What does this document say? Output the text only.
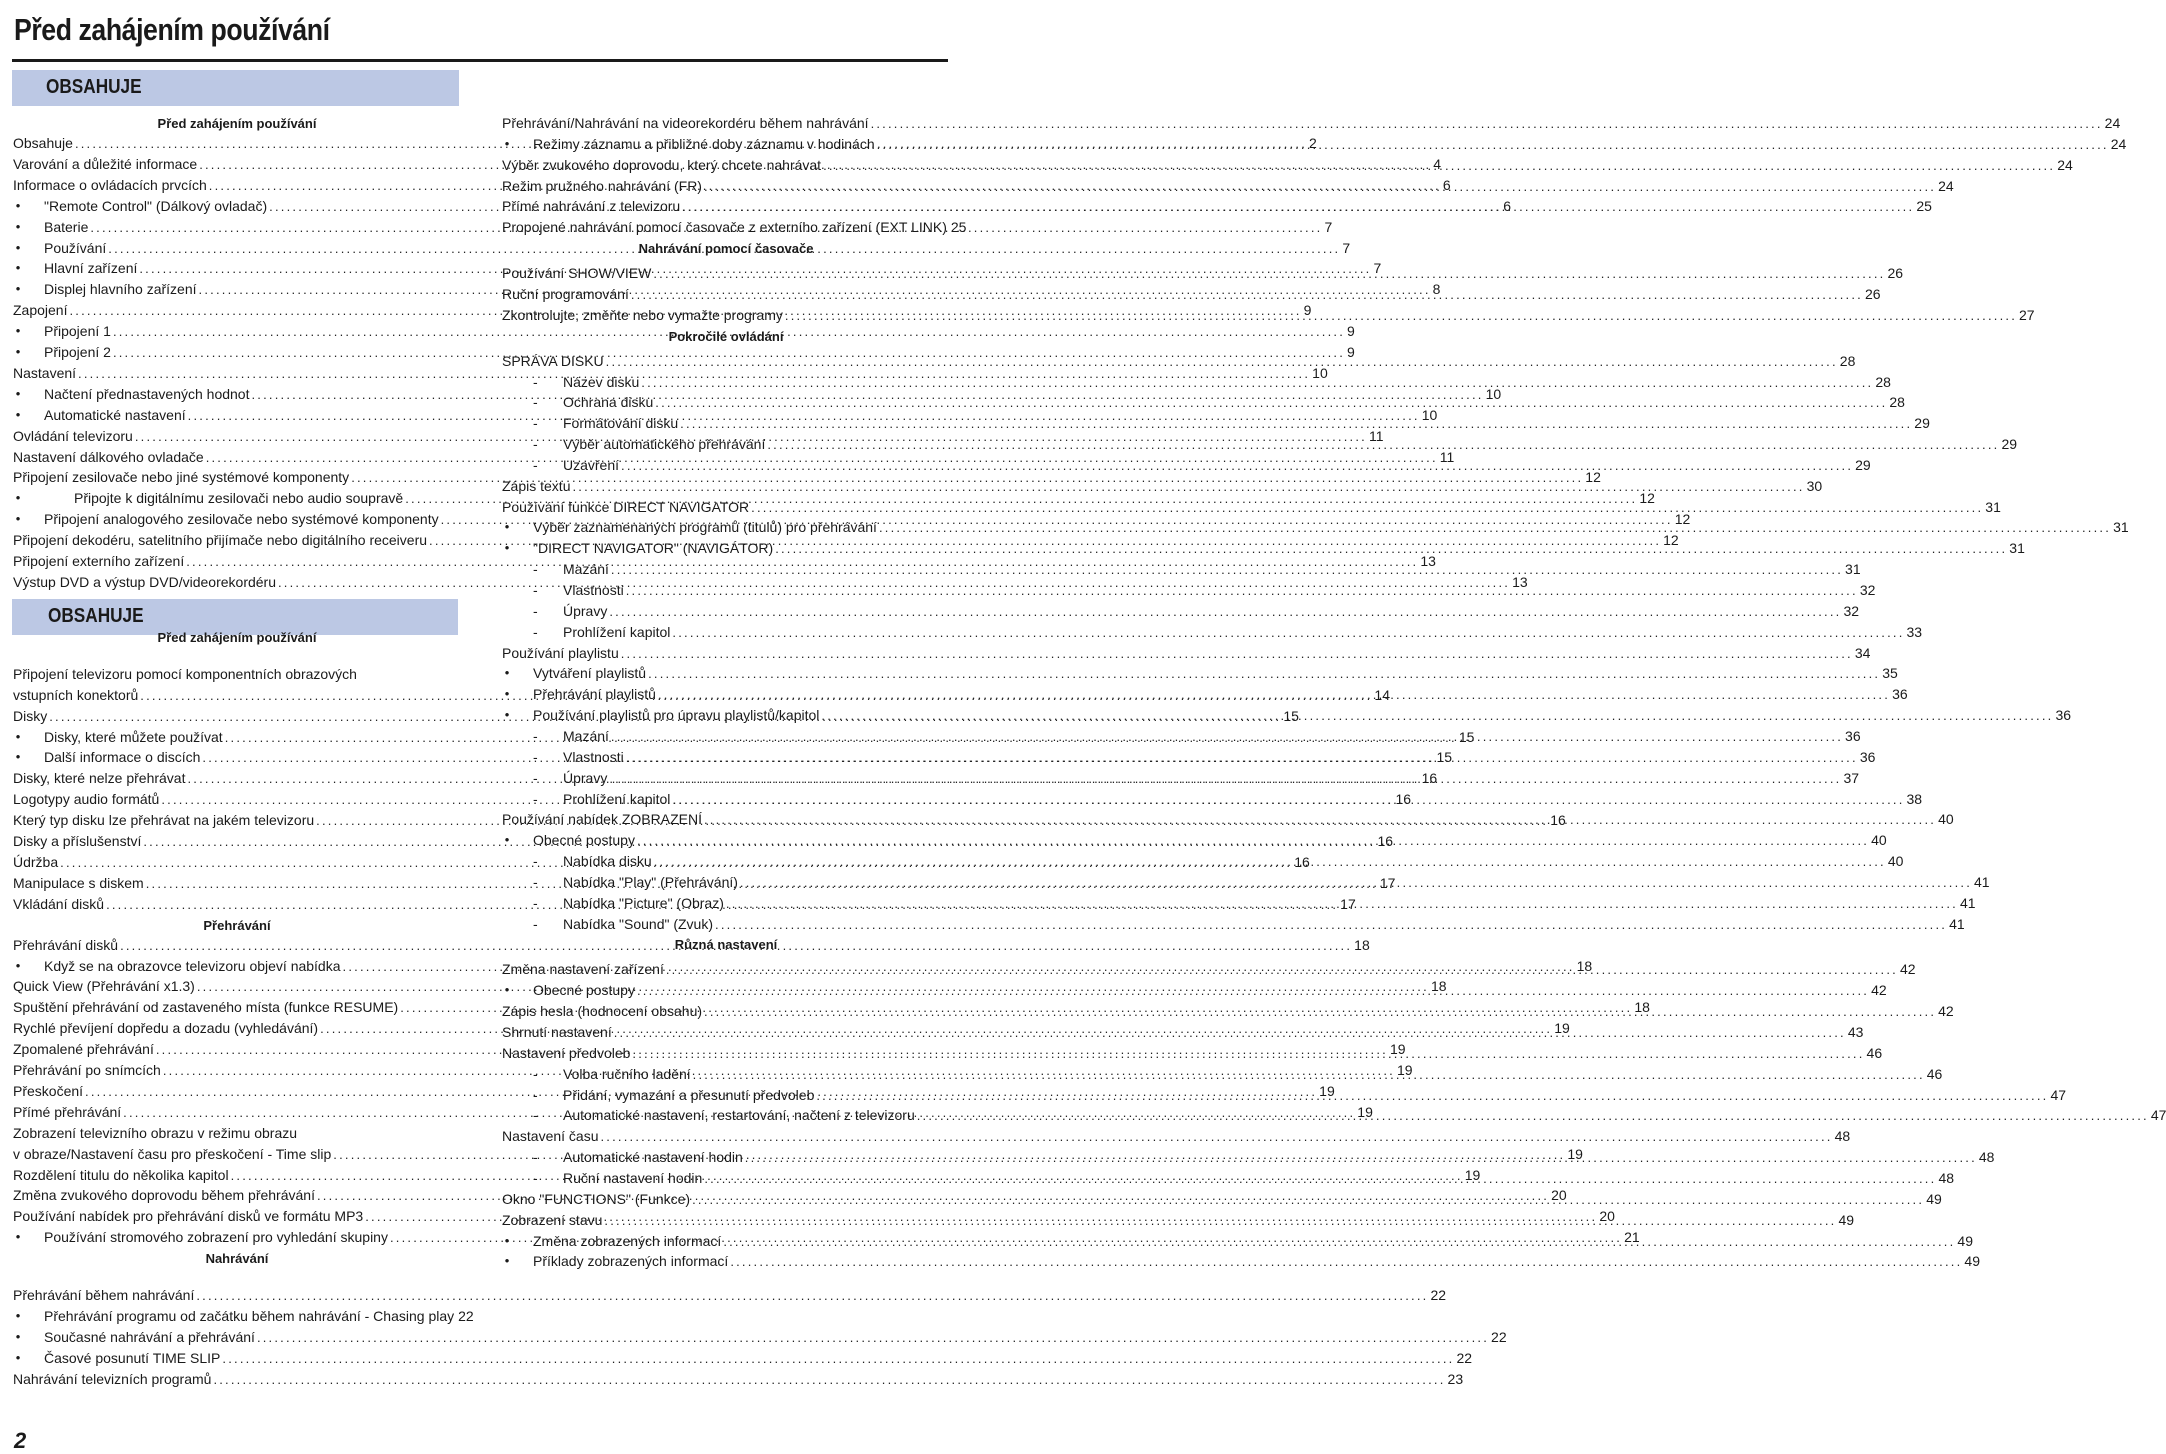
Před zahájením používání
OBSAHUJE
Před zahájením používání
Obsahuje .....	2
Varování a důležité informace .....	4
Informace o ovládacích prvcích .....	6
• "Remote Control" (Dálkový ovladač) .....	6
• Baterie .....	7
• Používání .....	7
• Hlavní zařízení .....	7
• Displej hlavního zařízení .....	8
Zapojení .....	9
• Připojení 1 .....	9
• Připojení 2 .....	9
Nastavení .....	10
• Načtení přednastavených hodnot .....	10
• Automatické nastavení .....	10
Ovládání televizoru .....	11
Nastavení dálkového ovladače .....	11
Připojení zesilovače nebo jiné systémové komponenty .....	12
•	Připojte k digitálnímu zesilovači nebo audio soupravě .....	12
• Připojení analogového zesilovače nebo systémové komponenty .....	12
Připojení dekodéru, satelitního přijímače nebo digitálního receiveru .....	12
Připojení externího zařízení .....	13
Výstup DVD a výstup DVD/videorekordéru .....	13
OBSAHUJE
Před zahájením používání
Připojení televizoru pomocí komponentních obrazových
vstupních konektorů .....	14
Disky .....	15
• Disky, které můžete používat .....	15
• Další informace o discích .....	15
Disky, které nelze přehrávat .....	16
Logotypy audio formátů .....	16
Který typ disku lze přehrávat na jakém televizoru .....	16
Disky a příslušenství .....	16
Údržba .....	16
Manipulace s diskem .....	17
Vkládání disků .....	17
Přehrávání
Přehrávání disků .....	18
• Když se na obrazovce televizoru objeví nabídka .....	18
Quick View (Přehrávání x1.3) .....	18
Spuštění přehrávání od zastaveného místa (funkce RESUME) .....	18
Rychlé převíjení dopředu a dozadu (vyhledávání) .....	19
Zpomalené přehrávání .....	19
Přehrávání po snímcích .....	19
Přeskočení .....	19
Přímé přehrávání .....	19
Zobrazení televizního obrazu v režimu obrazu
v obraze/Nastavení času pro přeskočení - Time slip .....	19
Rozdělení titulu do několika kapitol .....	19
Změna zvukového doprovodu během přehrávání .....	20
Používání nabídek pro přehrávání disků ve formátu MP3 .....	20
• Používání stromového zobrazení pro vyhledání skupiny .....	21
Nahrávání
Přehrávání během nahrávání .....	22
• Přehrávání programu od začátku během nahrávání - Chasing play 22
• Současné nahrávání a přehrávání .....	22
• Časové posunutí TIME SLIP .....	22
Nahrávání televizních programů .....	23
Přehrávání/Nahrávání na videorekordéru během nahrávání .....	24
• Režimy záznamu a přibližné doby záznamu v hodinách .....	24
Výběr zvukového doprovodu, který chcete nahrávat .....	24
Režim pružného nahrávání (FR) .....	24
Přímé nahrávání z televizoru .....	25
Propojené nahrávání pomocí časovače z externího zařízení (EXT LINK) 25
Nahrávání pomocí časovače
Používání SHOW/VIEW .....	26
Ruční programování .....	26
Zkontrolujte, změňte nebo vymažte programy .....	27
Pokročilé ovládání
SPRÁVA DISKU .....	28
- Název disku .....	28
- Ochrana disku .....	28
- Formátování disku .....	29
- Výběr automatického přehrávání .....	29
- Uzavření .....	29
Zápis textu .....	30
Používání funkce DIRECT NAVIGATOR .....	31
• Výběr zaznamenaných programů (titulů) pro přehrávání .....	31
• "DIRECT NAVIGATOR" (NAVIGÁTOR) .....	31
- Mazání .....	31
- Vlastnosti .....	32
- Úpravy .....	32
- Prohlížení kapitol .....	33
Používání playlistu .....	34
• Vytváření playlistů .....	35
• Přehrávání playlistů .....	36
• Používání playlistů pro úpravu playlistů/kapitol .....	36
- Mazání .....	36
- Vlastnosti .....	36
- Úpravy .....	37
- Prohlížení kapitol .....	38
Používání nabídek ZOBRAZENÍ .....	40
• Obecné postupy .....	40
- Nabídka disku .....	40
- Nabídka "Play" (Přehrávání) .....	41
- Nabídka "Picture" (Obraz) .....	41
- Nabídka "Sound" (Zvuk) .....	41
Různá nastavení
Změna nastavení zařízení .....	42
• Obecné postupy .....	42
Zápis hesla (hodnocení obsahu) .....	42
Shrnutí nastavení .....	43
Nastavení předvoleb .....	46
- Volba ručního ladění .....	46
- Přidání, vymazání a přesunutí předvoleb .....	47
- Automatické nastavení, restartování, načtení z televizoru .....	47
Nastavení času .....	48
- Automatické nastavení hodin .....	48
- Ruční nastavení hodin .....	48
Okno "FUNCTIONS" (Funkce) .....	49
Zobrazení stavu .....	49
• Změna zobrazených informací .....	49
• Příklady zobrazených informací .....	49
2
